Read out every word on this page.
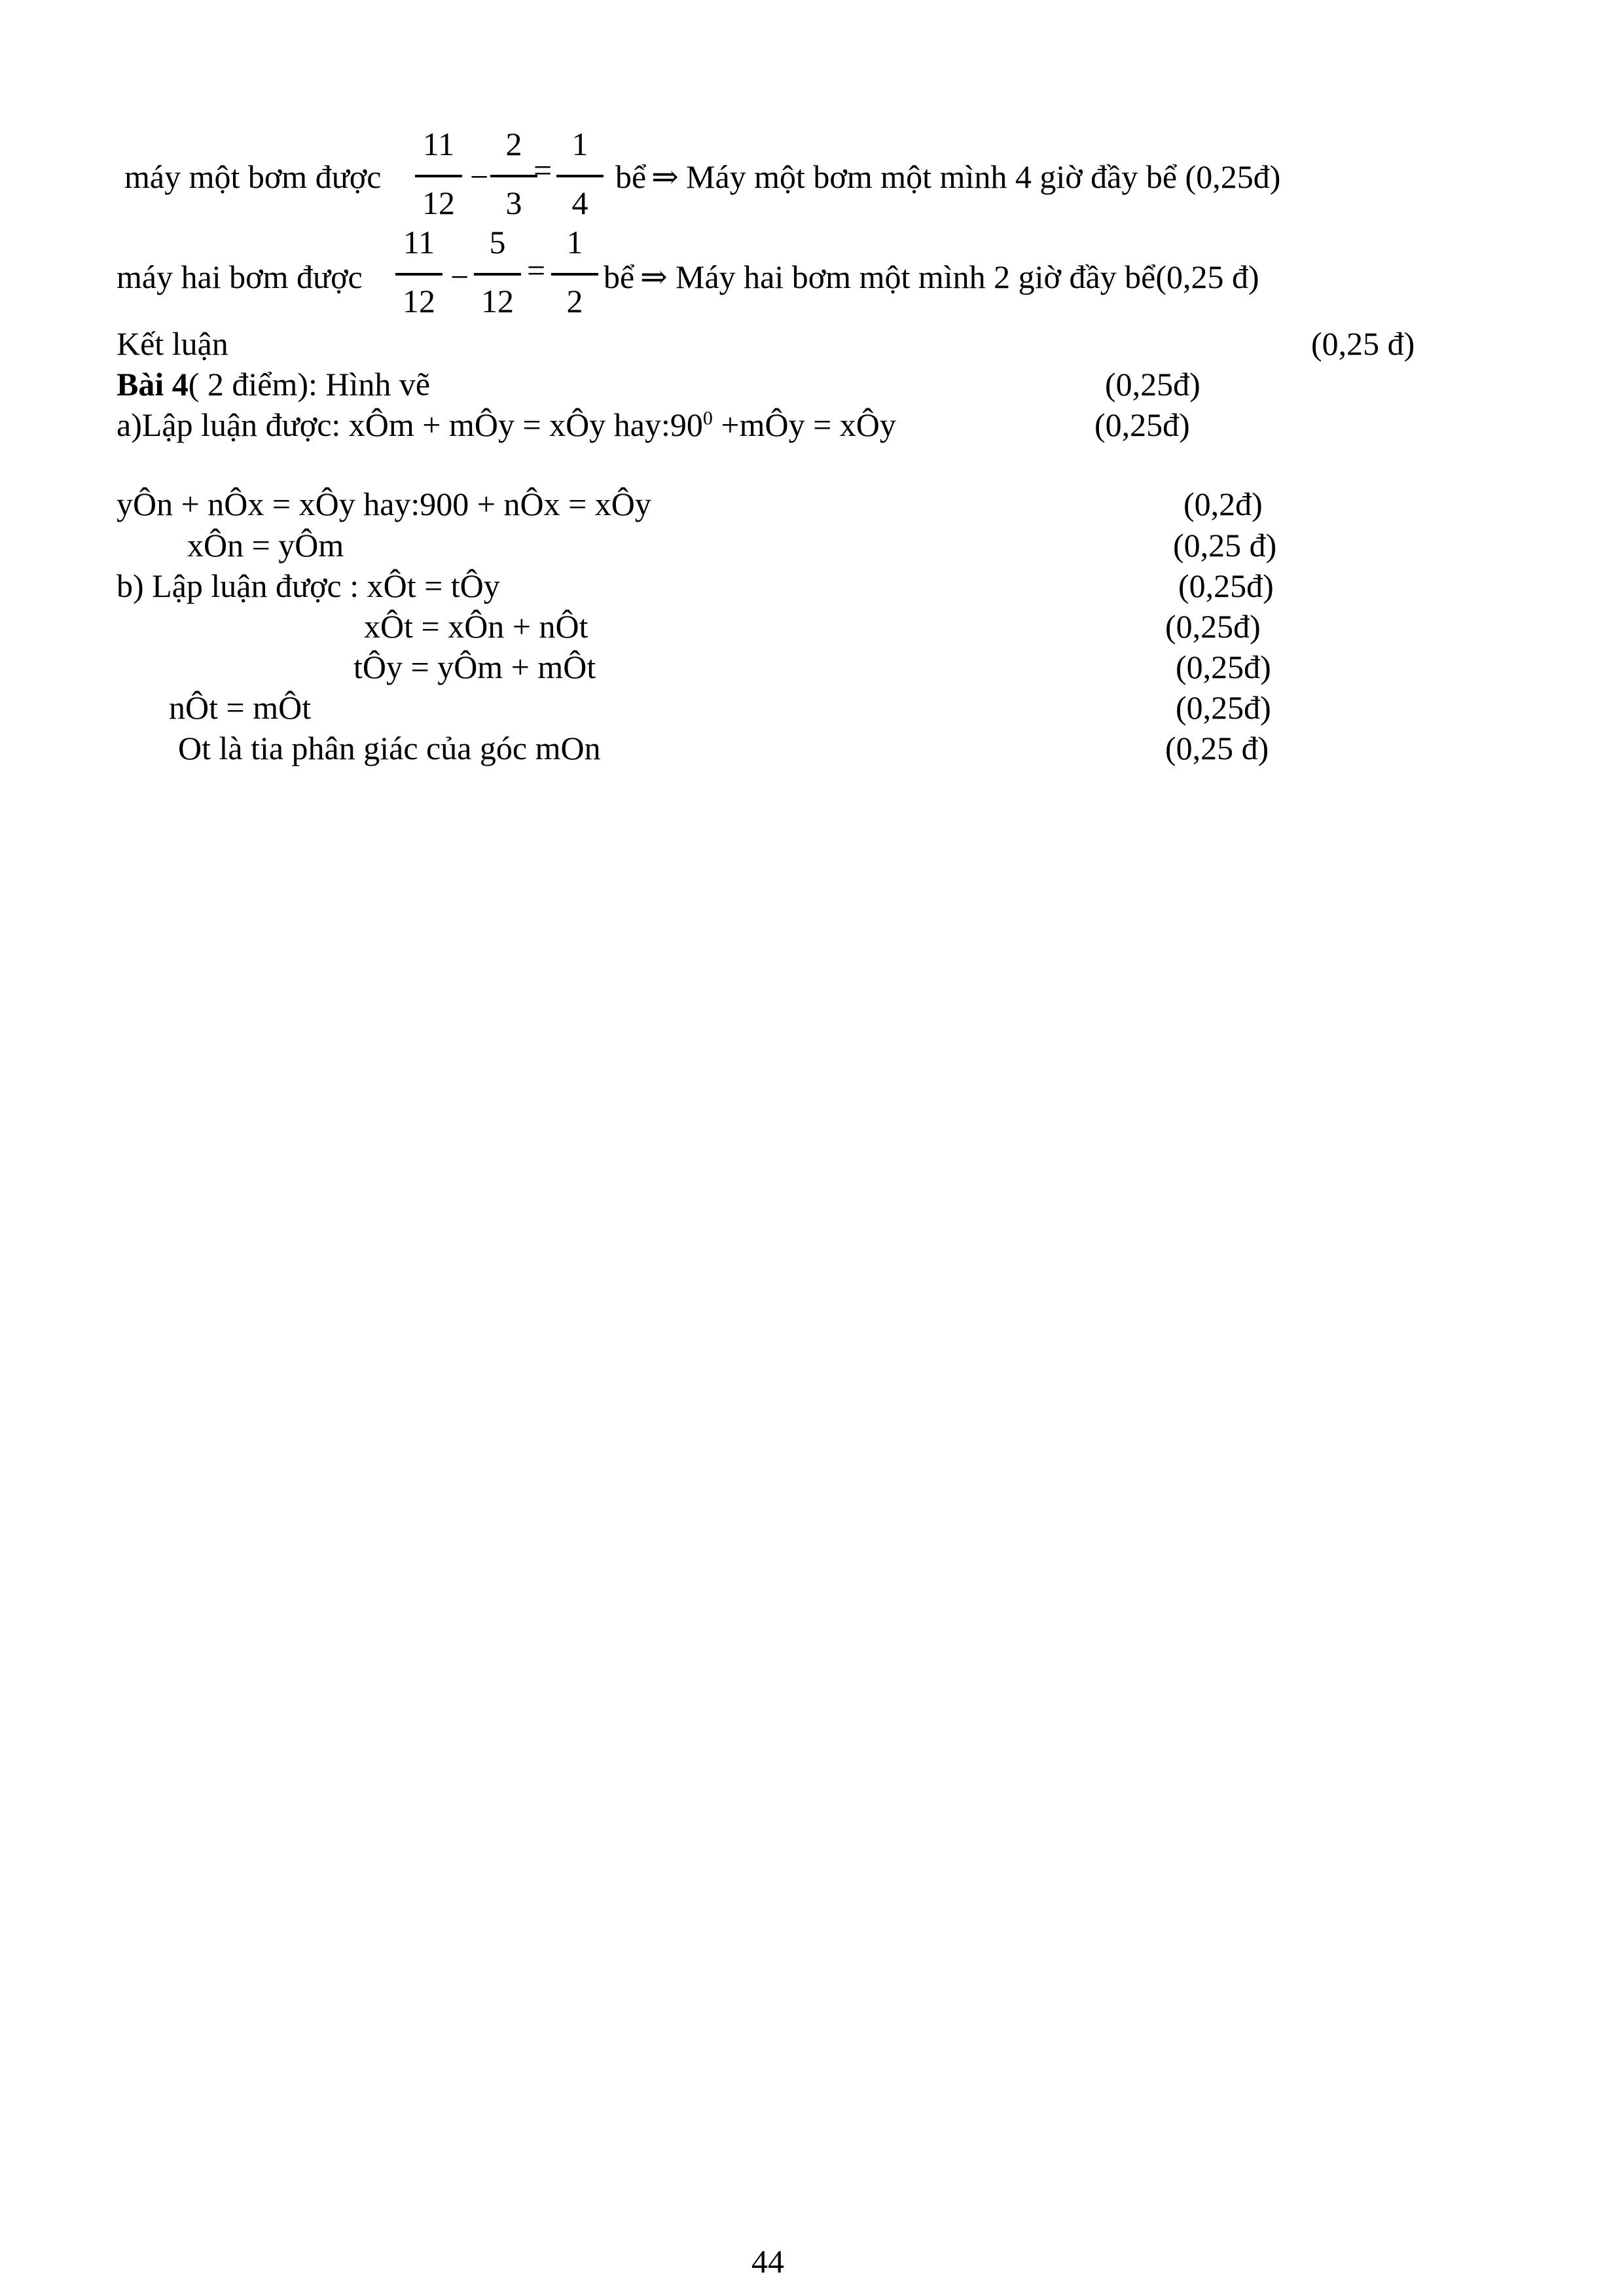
máy một bơm được
11
12
−
2
3
=
1
4
bể ⇒ Máy một bơm một mình 4 giờ đầy bể (0,25đ)
máy hai bơm được
11
12
−
5
12
=
1
2
bể ⇒ Máy hai bơm một mình 2 giờ đầy bể(0,25 đ)
Kết luận	(0,25 đ)
Bài 4( 2 điểm): Hình vẽ	(0,25đ)
a)Lập luận được: xÔm + mÔy = xÔy $hay:90^0$ +mÔy = xÔy	(0,25đ)
yÔn + nÔx = xÔy hay:900 + nÔx = xÔy	(0,2đ)
xÔn = yÔm	(0,25 đ)
b) Lập luận được : xÔt = tÔy	(0,25đ)
xÔt = xÔn + nÔt	(0,25đ)
tÔy = yÔm + mÔt	(0,25đ)
nÔt = mÔt	(0,25đ)
Ot là tia phân giác của góc mOn	(0,25 đ)
44
